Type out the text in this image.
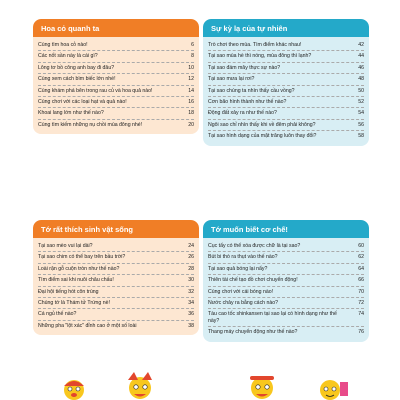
Hoa cỏ quanh ta
Cùng tìm hoa cỏ nào!	6
Các nốt sần này là cái gì?	8
Lông tơ bồ công anh bay đi đâu?	10
Cùng xem cách bìm biếc lớn nhé!	12
Cùng khám phá bên trong rau củ và hoa quả nào!	14
Cùng chơi với các loại hạt và quả nào!	16
Khoai lang lớn như thế nào?	18
Cùng tìm kiếm những nụ chồi mùa đông nhé!	20
Sự kỳ lạ của tự nhiên
Trò chơi theo mùa. Tìm điểm khác nhau!	42
Tại sao mùa hè thì nóng, mùa đông thì lạnh?	44
Tại sao đám mây thực sự nào?	46
Tại sao mưa lại rơi?	48
Tại sao chúng ta nhìn thấy cầu vồng?	50
Cơn bão hình thành như thế nào?	52
Động đất xảy ra như thế nào?	54
Ngôi sao chỉ nhìn thấy khi về đêm phải không?	56
Tại sao hình dạng của mặt trăng luôn thay đổi?	58
Tớ rất thích sinh vật sống
Tại sao mèo vui lại dài?	24
Tại sao chim có thể bay trên bầu trời?	26
Loài rận gỗ cuộn tròn như thế nào?	28
Tìm điểm sai khi nuôi châu chấu!	30
Đại hội tiếng hót côn trùng	32
Chúng tớ là Thám tử Trứng nè!	34
Cá ngủ thế nào?	36
Những pha "lột xác" đỉnh cao ở một số loài	38
Tớ muốn biết cơ chế!
Cục tẩy có thể xóa được chữ là tại sao?	60
Bút bi thò ra thụt vào thế nào?	62
Tại sao quả bóng lại nẩy?	64
Thiên tài chế tạo đồ chơi chuyển động!	66
Cùng chơi với cái bóng nào!	70
Nước chảy ra bằng cách nào?	72
Tàu cao tốc shinkansen tại sao lại có hình dạng như thế này?
74
Thang máy chuyển động như thế nào?	76
